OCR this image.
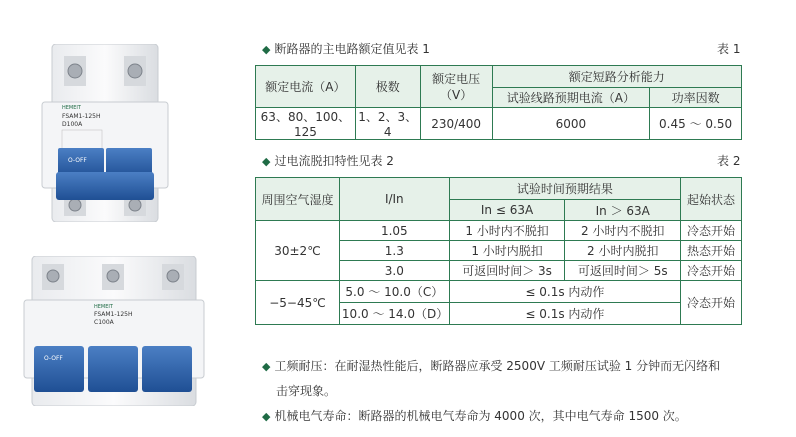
HEMEIT
FSAM1-125H
D100A
O-OFF
HEMEIT
FSAM1-125H
C100A
O-OFF
◆ 断路器的主电路额定值见表 1	表 1
额定电流（A）	极数	额定电压（V）	额定短路分析能力	
			试验线路预期电流（A）	功率因数
63、80、100、125	1、2、3、4	230/400	6000	0.45 ～ 0.50
◆ 过电流脱扣特性见表 2	表 2
周围空气湿度	I/In	试验时间预期结果		起始状态
		In ≤ 63A	In ＞ 63A	
30±2℃	1.05	1 小时内不脱扣	2 小时内不脱扣	冷态开始
	1.3	1 小时内脱扣	2 小时内脱扣	热态开始
	3.0	可返回时间＞ 3s	可返回时间＞ 5s	冷态开始
−5−45℃	5.0 ～ 10.0（C）	≤ 0.1s 内动作		冷态开始
	10.0 ～ 14.0（D）	≤ 0.1s 内动作		
◆ 工频耐压：在耐湿热性能后，断路器应承受 2500V 工频耐压试验 1 分钟而无闪络和
击穿现象。
◆ 机械电气寿命：断路器的机械电气寿命为 4000 次，其中电气寿命 1500 次。
